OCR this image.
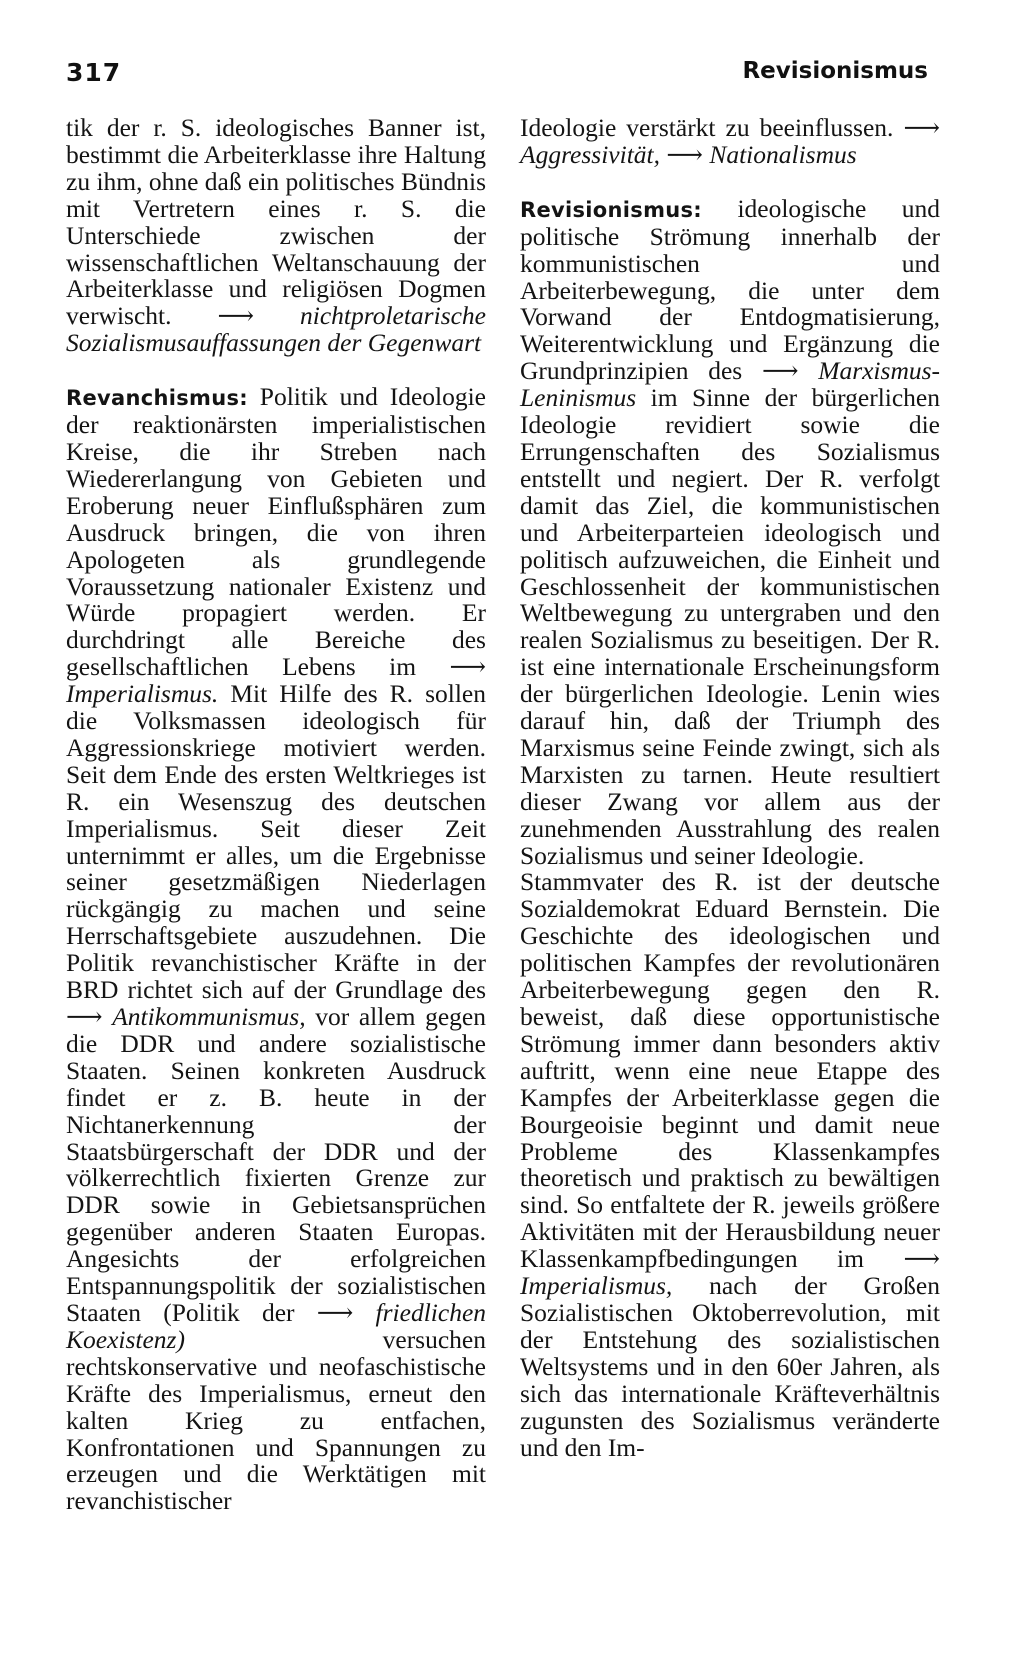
317	Revisionismus

tik der r. S. ideologisches Banner ist, bestimmt die Arbeiterklasse ihre Haltung zu ihm, ohne daß ein politisches Bündnis mit Vertretern eines r. S. die Unterschiede zwischen der wissenschaftlichen Weltanschauung der Arbeiterklasse und religiösen Dogmen verwischt. ⟶ nichtproletarische Sozialismusauffassungen der Gegenwart

Revanchismus: Politik und Ideologie der reaktionärsten imperialistischen Kreise, die ihr Streben nach Wiedererlangung von Gebieten und Eroberung neuer Einflußsphären zum Ausdruck bringen, die von ihren Apologeten als grundlegende Voraussetzung nationaler Existenz und Würde propagiert werden. Er durchdringt alle Bereiche des gesellschaftlichen Lebens im ⟶ Imperialismus. Mit Hilfe des R. sollen die Volksmassen ideologisch für Aggressionskriege motiviert werden. Seit dem Ende des ersten Weltkrieges ist R. ein Wesenszug des deutschen Imperialismus. Seit dieser Zeit unternimmt er alles, um die Ergebnisse seiner gesetzmäßigen Niederlagen rückgängig zu machen und seine Herrschaftsgebiete auszudehnen. Die Politik revanchistischer Kräfte in der BRD richtet sich auf der Grundlage des ⟶ Antikommunismus, vor allem gegen die DDR und andere sozialistische Staaten. Seinen konkreten Ausdruck findet er z. B. heute in der Nichtanerkennung der Staatsbürgerschaft der DDR und der völkerrechtlich fixierten Grenze zur DDR sowie in Gebietsansprüchen gegenüber anderen Staaten Europas. Angesichts der erfolgreichen Entspannungspolitik der sozialistischen Staaten (Politik der ⟶ friedlichen Koexistenz)	versuchen rechtskonservative und neofaschistische Kräfte des Imperialismus, erneut den kalten Krieg zu entfachen, Konfrontationen und Spannungen zu erzeugen und die Werktätigen mit revanchistischer

Ideologie verstärkt zu beeinflussen. ⟶ Aggressivität, ⟶ Nationalismus

Revisionismus: ideologische und politische Strömung innerhalb der kommunistischen und Arbeiterbewegung, die unter dem Vorwand der Entdogmatisierung, Weiterentwicklung und Ergänzung die Grundprinzipien des ⟶ Marxismus-Leninismus im Sinne der bürgerlichen Ideologie revidiert sowie die Errungenschaften des Sozialismus entstellt und negiert. Der R. verfolgt damit das Ziel, die kommunistischen und Arbeiterparteien ideologisch und politisch aufzuweichen, die Einheit und Geschlossenheit der kommunistischen Weltbewegung zu untergraben und den realen Sozialismus zu beseitigen. Der R. ist eine internationale Erscheinungsform der bürgerlichen Ideologie. Lenin wies darauf hin, daß der Triumph des Marxismus seine Feinde zwingt, sich als Marxisten zu tarnen. Heute resultiert dieser Zwang vor allem aus der zunehmenden Ausstrahlung des realen Sozialismus und seiner Ideologie.

Stammvater des R. ist der deutsche Sozialdemokrat Eduard Bernstein. Die Geschichte des ideologischen und politischen Kampfes der revolutionären Arbeiterbewegung gegen den R. beweist, daß diese opportunistische Strömung immer dann besonders aktiv auftritt, wenn eine neue Etappe des Kampfes der Arbeiterklasse gegen die Bourgeoisie beginnt und damit neue Probleme des Klassenkampfes theoretisch und praktisch zu bewältigen sind. So entfaltete der R. jeweils größere Aktivitäten mit der Herausbildung neuer Klassenkampfbedingungen im ⟶ Imperialismus, nach der Großen Sozialistischen Oktoberrevolution, mit der Entstehung des sozialistischen Weltsystems und in den 60er Jahren, als sich das internationale Kräfteverhältnis zugunsten des Sozialismus veränderte und den Im-
